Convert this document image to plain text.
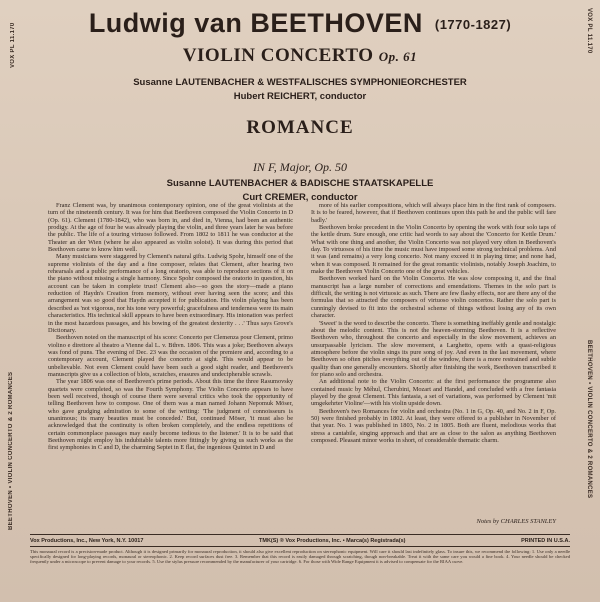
VOX PL 11.170	VOX PL 11.170
BEETHOVEN • VIOLIN CONCERTO & 2 ROMANCES	BEETHOVEN • VIOLIN CONCERTO & 2 ROMANCES
Ludwig van BEETHOVEN (1770-1827)
VIOLIN CONCERTO Op. 61
Susanne LAUTENBACHER & WESTFALISCHES SYMPHONIEORCHESTER
Hubert REICHERT, conductor
ROMANCE
IN F, Major, Op. 50
Susanne LAUTENBACHER & BADISCHE STAATSKAPELLE
Curt CREMER, conductor

Franz Clement was, by unanimous contemporary opinion, one of the great violinists at the turn of the nineteenth century. It was for him that Beethoven composed the Violin Concerto in D (Op. 61). Clement (1780-1842), who was born in, and died in, Vienna, had been an authentic prodigy. At the age of four he was already playing the violin, and three years later he was before the public. The life of a touring virtuoso followed. From 1802 to 1811 he was conductor at the Theater an der Wien (where he also appeared as violin soloist). It was during this period that Beethoven came to know him well.

Many musicians were staggered by Clement's natural gifts. Ludwig Spohr, himself one of the supreme violinists of the day and a fine composer, relates that Clement, after hearing two rehearsals and a public performance of a long oratorio, was able to reproduce sections of it on the piano without missing a single harmony. Since Spohr composed the oratorio in question, his account can be taken in complete trust! Clement also—so goes the story—made a piano reduction of Haydn's Creation from memory, without ever having seen the score; and this arrangement was so good that Haydn accepted it for publication. His violin playing has been described as 'not vigorous, nor his tone very powerful; gracefulness and tenderness were its main characteristics. His technical skill appears to have been extraordinary. His intonation was perfect in the most hazardous passages, and his bowing of the greatest dexterity . . .' Thus says Grove's Dictionary.

Beethoven noted on the manuscript of his score: Concerto per Clemenza pour Clement, primo violino e direttore al theatro a Vienne dal L. v. Bthvn. 1806. This was a joke; Beethoven always was fond of puns. The evening of Dec. 23 was the occasion of the premiere and, according to a contemporary account, Clement played the concerto at sight. This would appear to be unbelievable. Not even Clement could have been such a good sight reader, and Beethoven's manuscripts give us a collection of blots, scratches, erasures and undecipherable scrawls.

The year 1806 was one of Beethoven's prime periods. About this time the three Rasumovsky quartets were completed, so was the Fourth Symphony. The Violin Concerto appears to have been well received, though of course there were several critics who took the opportunity of telling Beethoven how to compose. One of them was a man named Johann Nepomuk Möser, who gave grudging admiration to some of the writing: 'The judgment of connoisseurs is unanimous; its many beauties must be conceded.' But, continued Möser, 'it must also be acknowledged that the continuity is often broken completely, and the endless repetitions of certain commonplace passages may easily become tedious to the listener.' It is to be said that Beethoven might employ his indubitable talents more fittingly by giving us such works as the first symphonies in C and D, the charming Septet in E flat, the ingenious Quintet in D and

more of his earlier compositions, which will always place him in the first rank of composers. It is to be feared, however, that if Beethoven continues upon this path he and the public will fare badly.'

Beethoven broke precedent in the Violin Concerto by opening the work with four solo taps of the kettle drum. Sure enough, one critic had words to say about the 'Concerto for Kettle Drum.' What with one thing and another, the Violin Concerto was not played very often in Beethoven's day. To virtuosos of his time the music must have imposed some strong technical problems. And it was (and remains) a very long concerto. Not many exceed it in playing time; and none had, when it was composed. It remained for the great romantic violinists, notably Joseph Joachim, to make the Beethoven Violin Concerto one of the great vehicles.

Beethoven worked hard on the Violin Concerto. He was slow composing it, and the final manuscript has a large number of corrections and emendations. Themes in the solo part is difficult, the writing is not virtuosic as such. There are few flashy effects, nor are there any of the formulas that so attracted the composers of virtuoso violin concertos. Rather the solo part is cunningly devised to fit into the orchestral scheme of things without losing any of its own character.

'Sweet' is the word to describe the concerto. There is something ineffably gentle and nostalgic about the melodic content. This is not the heaven-storming Beethoven. It is a reflective Beethoven who, throughout the concerto and especially in the slow movement, achieves an unsurpassable lyricism. The slow movement, a Larghetto, opens with a quasi-religious atmosphere before the violin sings its pure song of joy. And even in the last movement, where Beethoven so often pitches everything out of the window, there is a more restrained and subtle quality than one generally encounters. Shortly after finishing the work, Beethoven transcribed it for piano solo and orchestra.

An additional note to the Violin Concerto: at the first performance the programme also contained music by Méhul, Cherubini, Mozart and Handel, and concluded with a free fantasia played by the great Clement. This fantasia, a set of variations, was performed by Clement 'mit umgekehrter Violine'—with his violin upside down.

Beethoven's two Romances for violin and orchestra (No. 1 in G, Op. 40, and No. 2 in F, Op. 50) were finished probably in 1802. At least, they were offered to a publisher in November of that year. No. 1 was published in 1803, No. 2 in 1805. Both are fluent, melodious works that stress a cantabile, singing approach and that are as close to the salon as anything Beethoven composed. Pleasant minor works in short, of considerable thematic charm.

Notes by CHARLES STANLEY
Vox Productions, Inc., New York, N.Y. 10017	TMK(S) ® Vox Productions, Inc. • Marca(s) Registrada(s)	PRINTED IN U.S.A.
This monaural record is a precision-made product. Although it is designed primarily for monaural reproduction, it should also give excellent reproduction on stereophonic equipment. Will care it should last indefinitely glass. To insure this, we recommend the following: 1. Use only a needle specifically designed for long-playing records, monaural or stereophonic. 2. Keep record surfaces dust free. 3. Remember that this record is easily damaged through scratching, though non-breakable. Treat it with the same care you would a fine book. 4. Your needle should be checked frequently under a microscope to prevent damage to your records. 5. Use the stylus pressure recommended by the manufacturer of your cartridge. 6. For those with Wide Range Equipment it is advised to compensate for the RIAA curve.
